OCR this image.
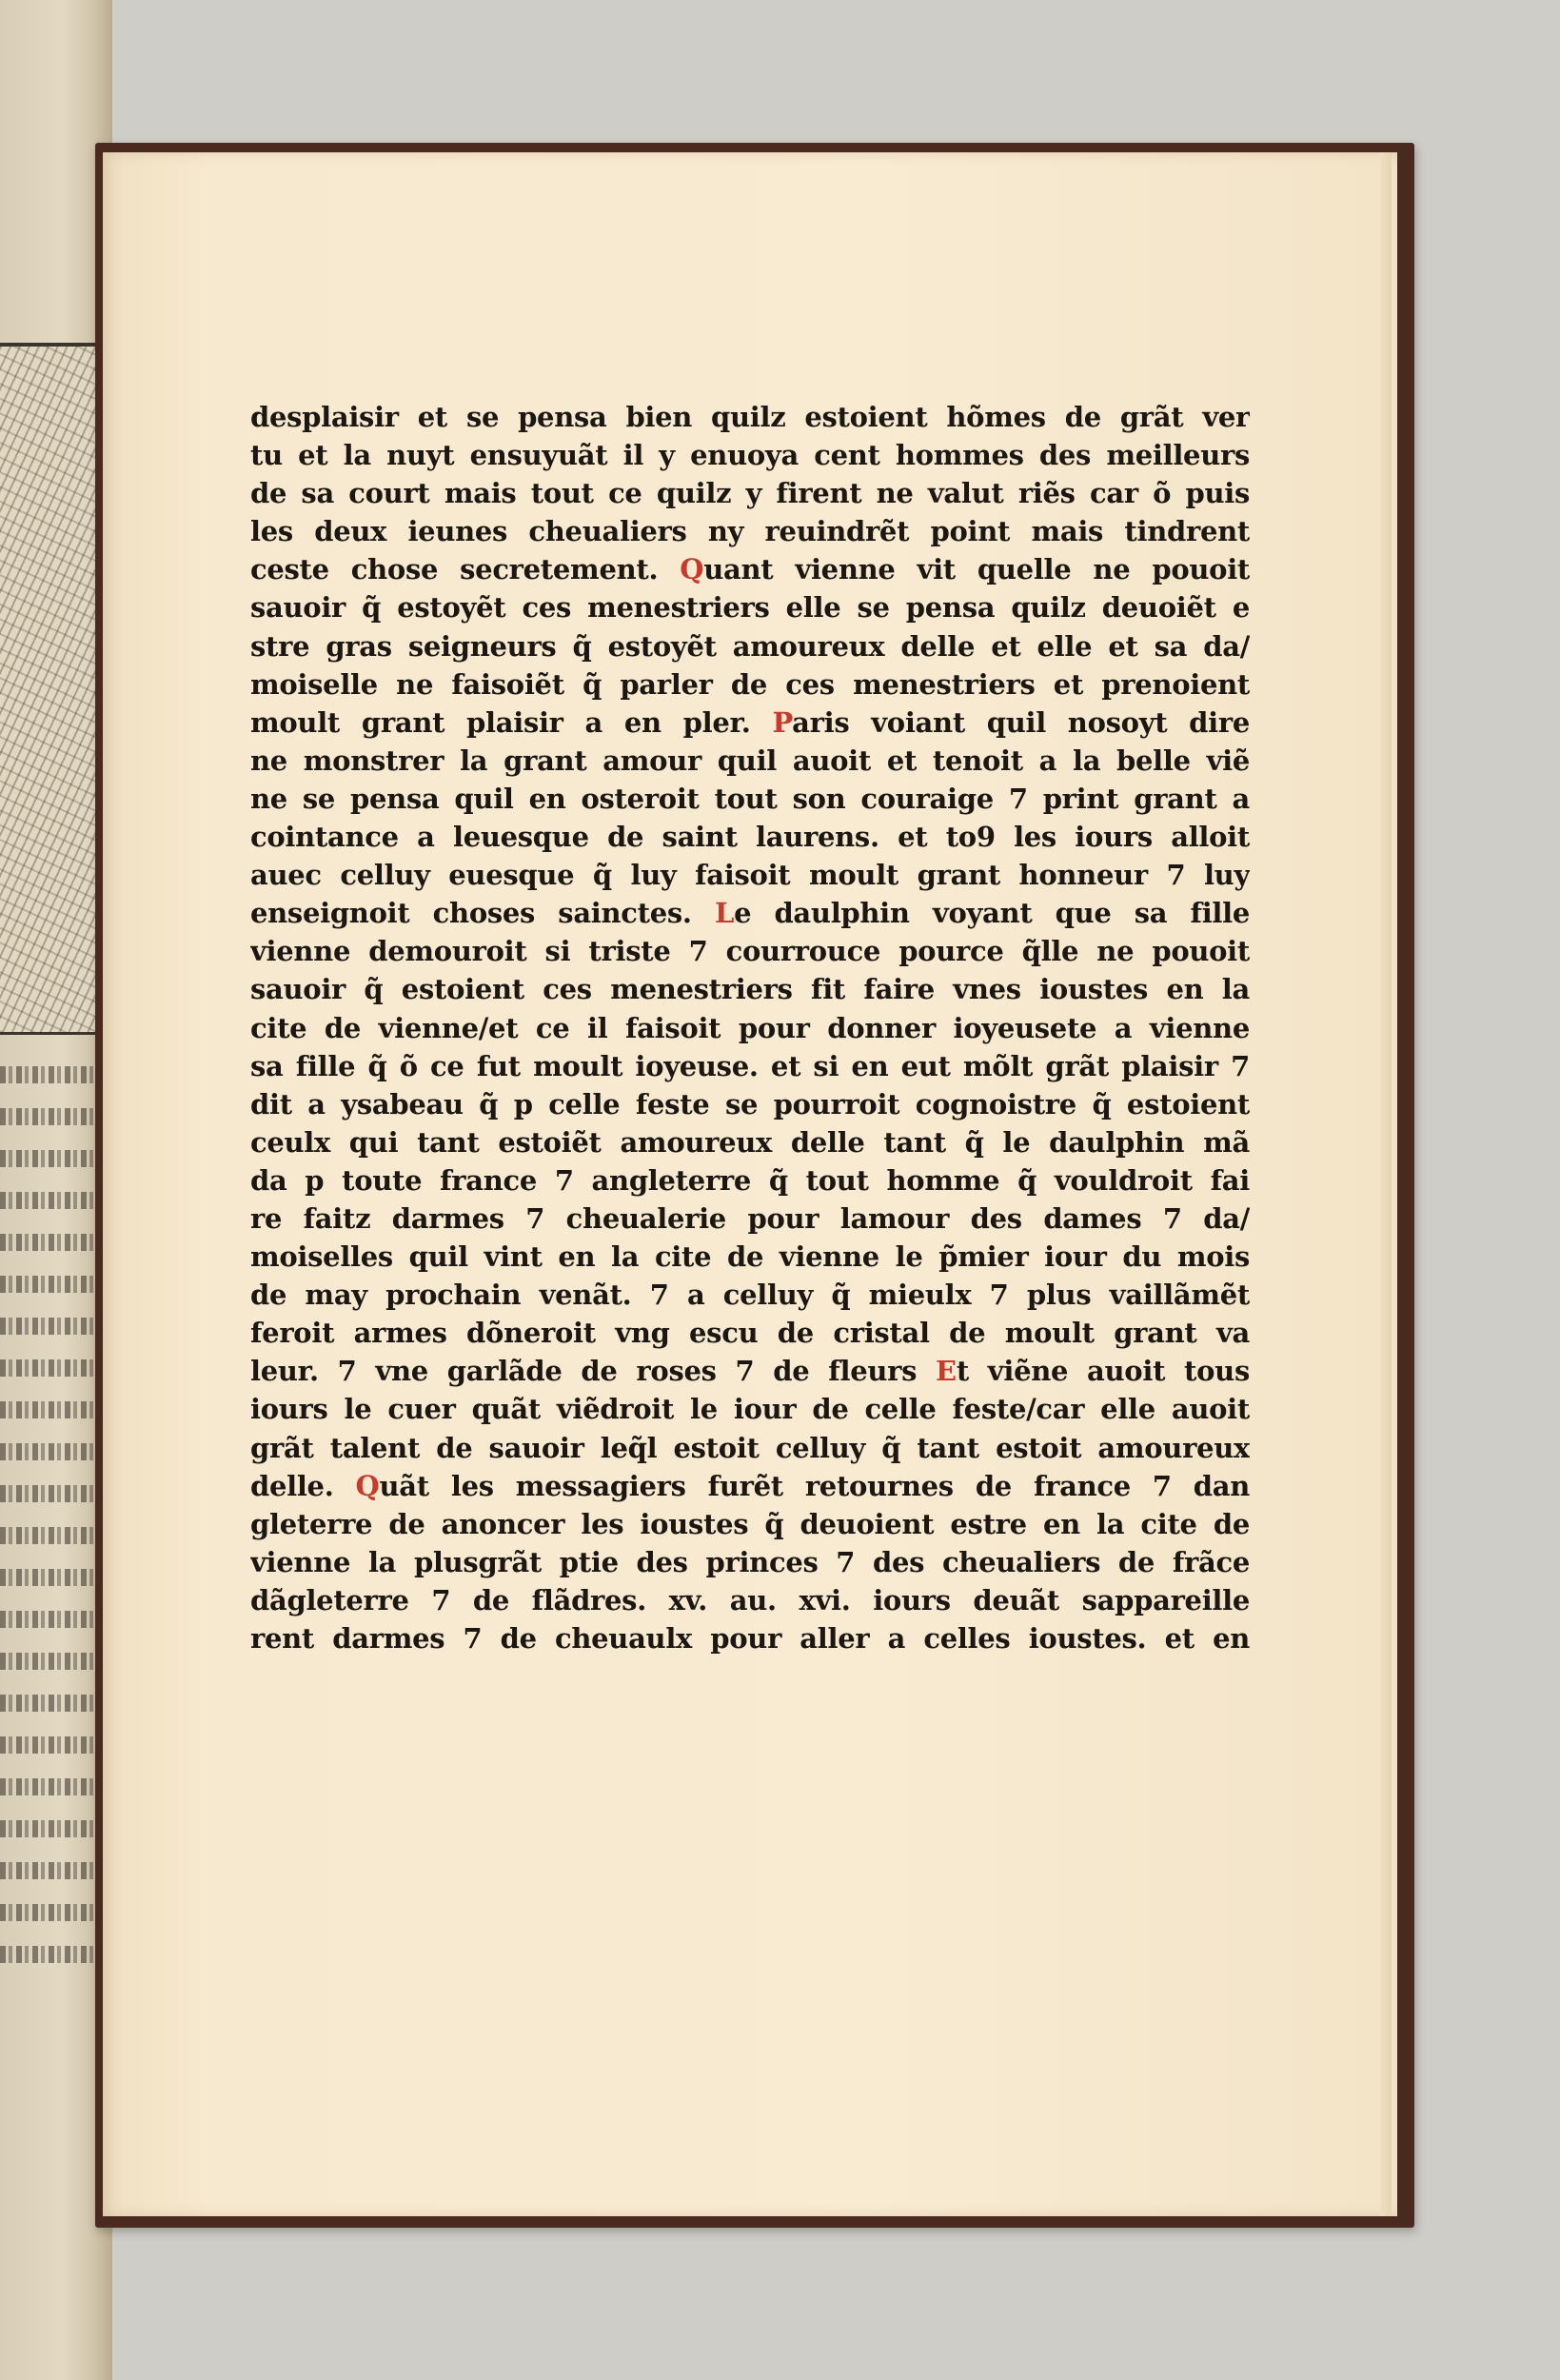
desplaisir et se pensa bien quilz estoient hõmes de grãt ver
tu et la nuyt ensuyuãt il y enuoya cent hommes des meilleurs
de sa court mais tout ce quilz y firent ne valut riẽs car õ puis
les deux ieunes cheualiers ny reuindrẽt point mais tindrent
ceste chose secretement. Quant vienne vit quelle ne pouoit
sauoir q̃ estoyẽt ces menestriers elle se pensa quilz deuoiẽt e
stre gras seigneurs q̃ estoyẽt amoureux delle et elle et sa da/
moiselle ne faisoiẽt q̃ parler de ces menestriers et prenoient
moult grant plaisir a en pler. Paris voiant quil nosoyt dire
ne monstrer la grant amour quil auoit et tenoit a la belle viẽ
ne se pensa quil en osteroit tout son couraige 7 print grant a
cointance a leuesque de saint laurens. et to9 les iours alloit
auec celluy euesque q̃ luy faisoit moult grant honneur 7 luy
enseignoit choses sainctes. Le daulphin voyant que sa fille
vienne demouroit si triste 7 courrouce pource q̃lle ne pouoit
sauoir q̃ estoient ces menestriers fit faire vnes ioustes en la
cite de vienne/et ce il faisoit pour donner ioyeusete a vienne
sa fille q̃ õ ce fut moult ioyeuse. et si en eut mõlt grãt plaisir 7
dit a ysabeau q̃ p celle feste se pourroit cognoistre q̃ estoient
ceulx qui tant estoiẽt amoureux delle tant q̃ le daulphin mã
da p toute france 7 angleterre q̃ tout homme q̃ vouldroit fai
re faitz darmes 7 cheualerie pour lamour des dames 7 da/
moiselles quil vint en la cite de vienne le p̃mier iour du mois
de may prochain venãt. 7 a celluy q̃ mieulx 7 plus vaillãmẽt
feroit armes dõneroit vng escu de cristal de moult grant va
leur. 7 vne garlãde de roses 7 de fleurs Et viẽne auoit tous
iours le cuer quãt viẽdroit le iour de celle feste/car elle auoit
grãt talent de sauoir leq̃l estoit celluy q̃ tant estoit amoureux
delle. Quãt les messagiers furẽt retournes de france 7 dan
gleterre de anoncer les ioustes q̃ deuoient estre en la cite de
vienne la plusgrãt ptie des princes 7 des cheualiers de frãce
dãgleterre 7 de flãdres. xv. au. xvi. iours deuãt sappareille
rent darmes 7 de cheuaulx pour aller a celles ioustes. et en
